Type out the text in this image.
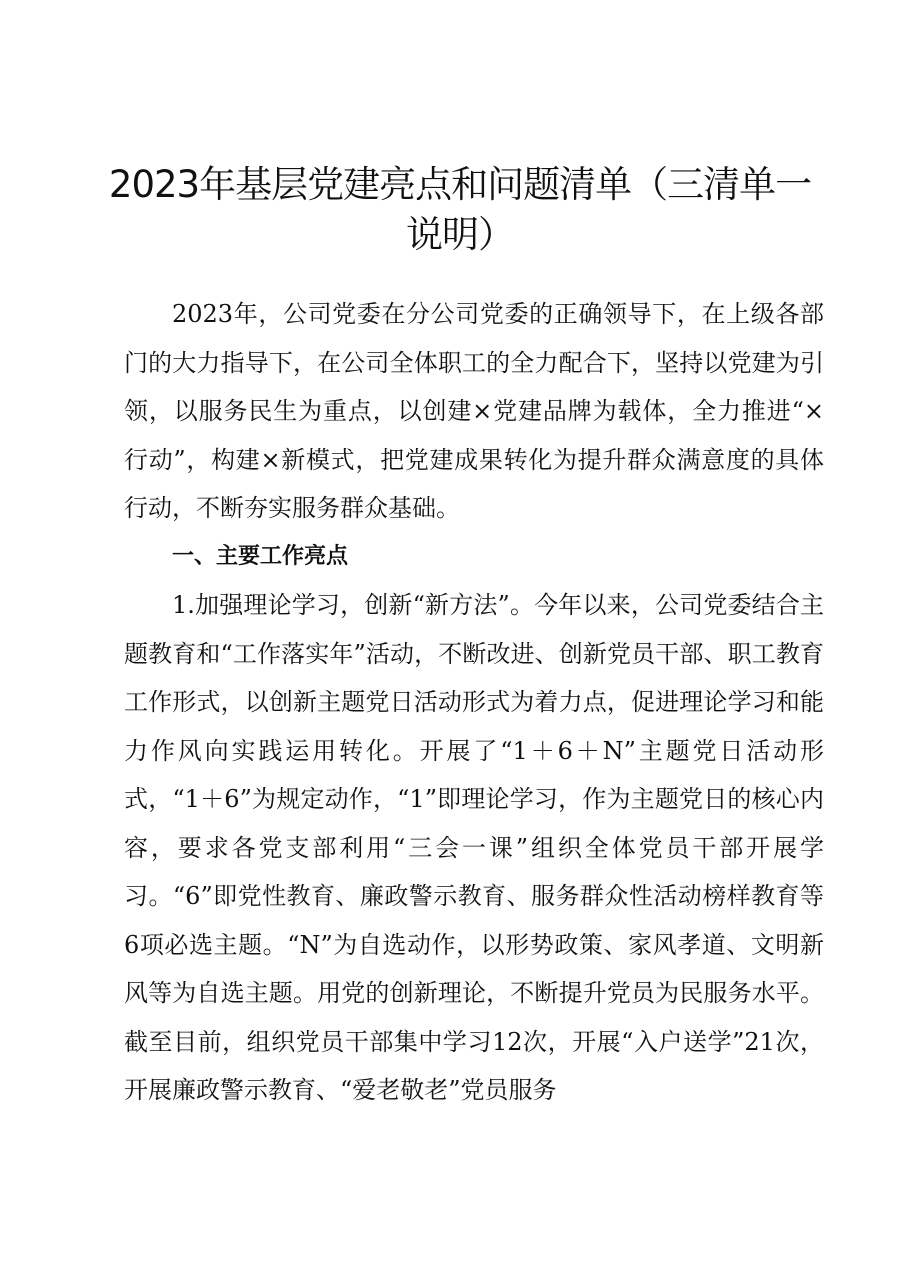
2023年基层党建亮点和问题清单（三清单一说明）

2023年，公司党委在分公司党委的正确领导下，在上级各部门的大力指导下，在公司全体职工的全力配合下，坚持以党建为引领，以服务民生为重点，以创建×党建品牌为载体，全力推进“×行动”，构建×新模式，把党建成果转化为提升群众满意度的具体行动，不断夯实服务群众基础。

一、主要工作亮点

1.加强理论学习，创新“新方法”。今年以来，公司党委结合主题教育和“工作落实年”活动，不断改进、创新党员干部、职工教育工作形式，以创新主题党日活动形式为着力点，促进理论学习和能力作风向实践运用转化。开展了“1＋6＋N”主题党日活动形式，“1＋6”为规定动作，“1”即理论学习，作为主题党日的核心内容，要求各党支部利用“三会一课”组织全体党员干部开展学习。“6”即党性教育、廉政警示教育、服务群众性活动榜样教育等6项必选主题。“N”为自选动作，以形势政策、家风孝道、文明新风等为自选主题。用党的创新理论，不断提升党员为民服务水平。截至目前，组织党员干部集中学习12次，开展“入户送学”21次，开展廉政警示教育、“爱老敬老”党员服务
